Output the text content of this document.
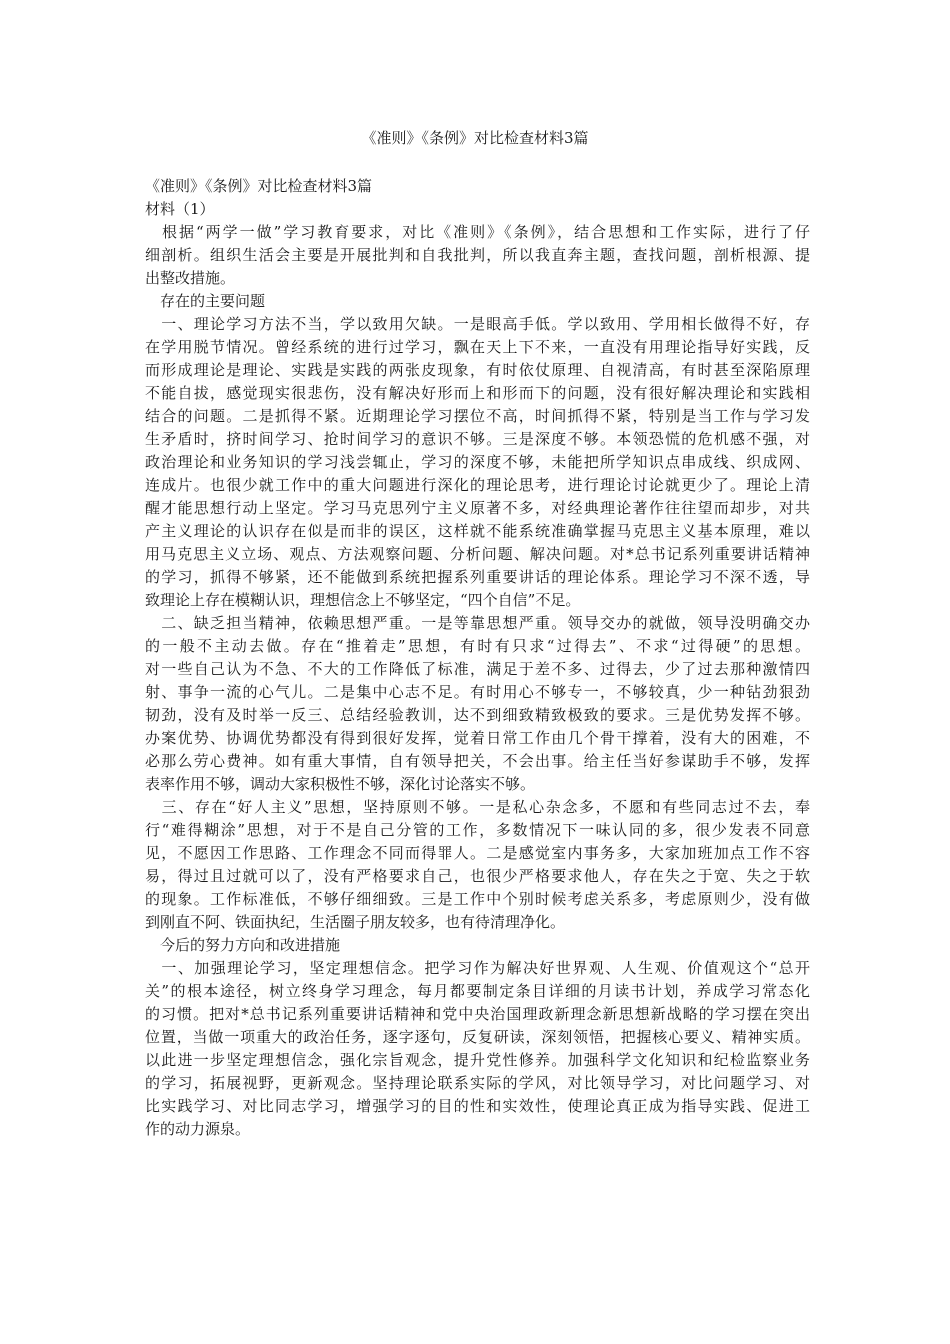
《准则》《条例》对比检查材料3篇

《准则》《条例》对比检查材料3篇

材料（1）

　根据“两学一做”学习教育要求，对比《准则》《条例》，结合思想和工作实际，进行了仔

细剖析。组织生活会主要是开展批判和自我批判，所以我直奔主题，查找问题，剖析根源、提

出整改措施。

　存在的主要问题

　一、理论学习方法不当，学以致用欠缺。一是眼高手低。学以致用、学用相长做得不好，存

在学用脱节情况。曾经系统的进行过学习，飘在天上下不来，一直没有用理论指导好实践，反

而形成理论是理论、实践是实践的两张皮现象，有时依仗原理、自视清高，有时甚至深陷原理

不能自拔，感觉现实很悲伤，没有解决好形而上和形而下的问题，没有很好解决理论和实践相

结合的问题。二是抓得不紧。近期理论学习摆位不高，时间抓得不紧，特别是当工作与学习发

生矛盾时，挤时间学习、抢时间学习的意识不够。三是深度不够。本领恐慌的危机感不强，对

政治理论和业务知识的学习浅尝辄止，学习的深度不够，未能把所学知识点串成线、织成网、

连成片。也很少就工作中的重大问题进行深化的理论思考，进行理论讨论就更少了。理论上清

醒才能思想行动上坚定。学习马克思列宁主义原著不多，对经典理论著作往往望而却步，对共

产主义理论的认识存在似是而非的误区，这样就不能系统准确掌握马克思主义基本原理，难以

用马克思主义立场、观点、方法观察问题、分析问题、解决问题。对*总书记系列重要讲话精神

的学习，抓得不够紧，还不能做到系统把握系列重要讲话的理论体系。理论学习不深不透，导

致理论上存在模糊认识，理想信念上不够坚定，“四个自信”不足。

　二、缺乏担当精神，依赖思想严重。一是等靠思想严重。领导交办的就做，领导没明确交办

的一般不主动去做。存在“推着走”思想，有时有只求“过得去”、不求“过得硬”的思想。

对一些自己认为不急、不大的工作降低了标准，满足于差不多、过得去，少了过去那种激情四

射、事争一流的心气儿。二是集中心志不足。有时用心不够专一，不够较真，少一种钻劲狠劲

韧劲，没有及时举一反三、总结经验教训，达不到细致精致极致的要求。三是优势发挥不够。

办案优势、协调优势都没有得到很好发挥，觉着日常工作由几个骨干撑着，没有大的困难，不

必那么劳心费神。如有重大事情，自有领导把关，不会出事。给主任当好参谋助手不够，发挥

表率作用不够，调动大家积极性不够，深化讨论落实不够。

　三、存在“好人主义”思想，坚持原则不够。一是私心杂念多，不愿和有些同志过不去，奉

行“难得糊涂”思想，对于不是自己分管的工作，多数情况下一味认同的多，很少发表不同意

见，不愿因工作思路、工作理念不同而得罪人。二是感觉室内事务多，大家加班加点工作不容

易，得过且过就可以了，没有严格要求自己，也很少严格要求他人，存在失之于宽、失之于软

的现象。工作标准低，不够仔细细致。三是工作中个别时候考虑关系多，考虑原则少，没有做

到刚直不阿、铁面执纪，生活圈子朋友较多，也有待清理净化。

　今后的努力方向和改进措施

　一、加强理论学习，坚定理想信念。把学习作为解决好世界观、人生观、价值观这个“总开

关”的根本途径，树立终身学习理念，每月都要制定条目详细的月读书计划，养成学习常态化

的习惯。把对*总书记系列重要讲话精神和党中央治国理政新理念新思想新战略的学习摆在突出

位置，当做一项重大的政治任务，逐字逐句，反复研读，深刻领悟，把握核心要义、精神实质。

以此进一步坚定理想信念，强化宗旨观念，提升党性修养。加强科学文化知识和纪检监察业务

的学习，拓展视野，更新观念。坚持理论联系实际的学风，对比领导学习，对比问题学习、对

比实践学习、对比同志学习，增强学习的目的性和实效性，使理论真正成为指导实践、促进工

作的动力源泉。
